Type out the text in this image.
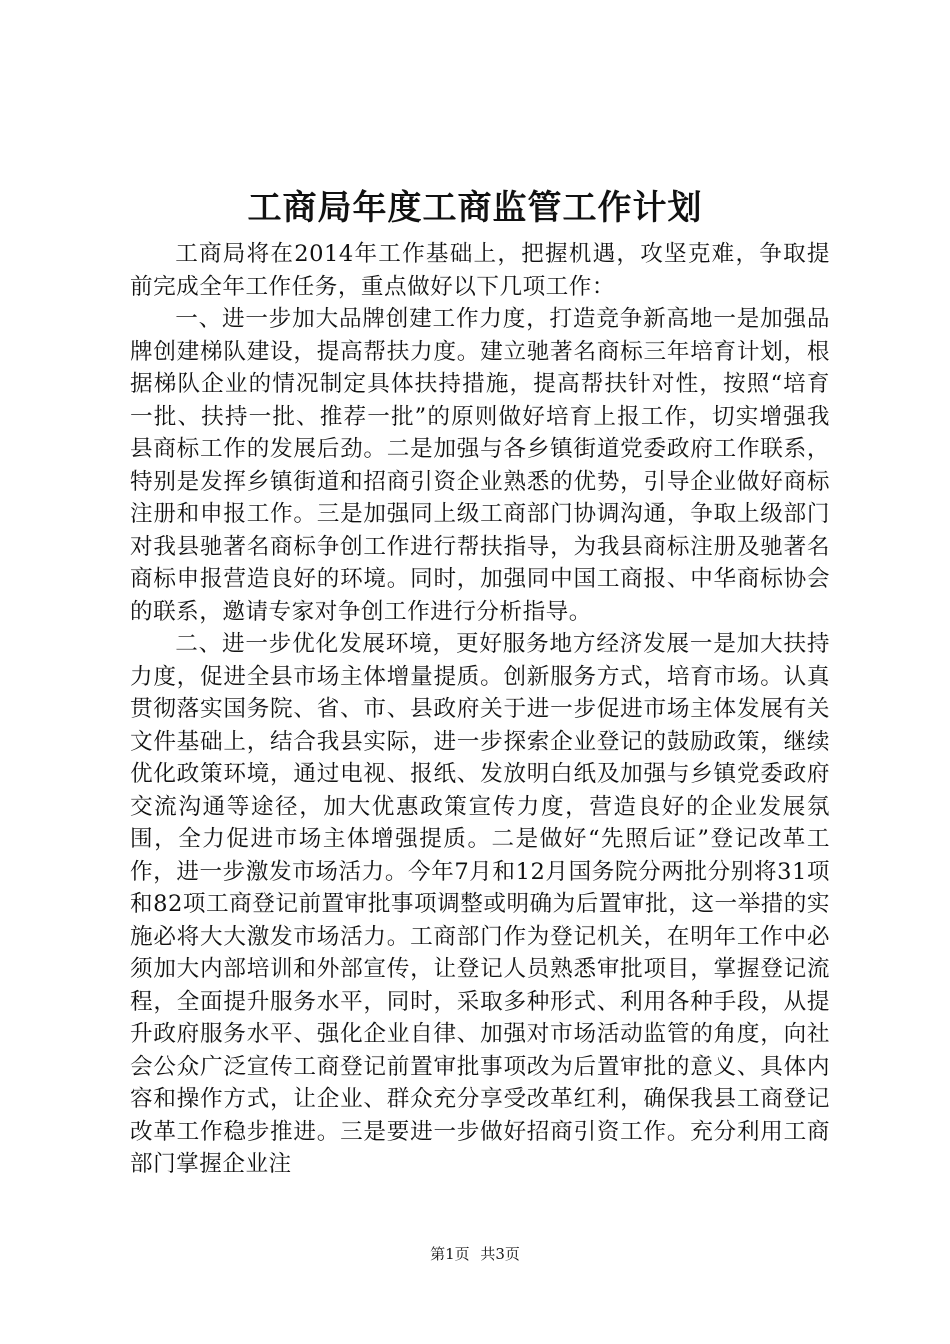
工商局年度工商监管工作计划

工商局将在2014年工作基础上，把握机遇，攻坚克难，争取提前完成全年工作任务，重点做好以下几项工作：

一、进一步加大品牌创建工作力度，打造竞争新高地一是加强品牌创建梯队建设，提高帮扶力度。建立驰著名商标三年培育计划，根据梯队企业的情况制定具体扶持措施，提高帮扶针对性，按照“培育一批、扶持一批、推荐一批”的原则做好培育上报工作，切实增强我县商标工作的发展后劲。二是加强与各乡镇街道党委政府工作联系，特别是发挥乡镇街道和招商引资企业熟悉的优势，引导企业做好商标注册和申报工作。三是加强同上级工商部门协调沟通，争取上级部门对我县驰著名商标争创工作进行帮扶指导，为我县商标注册及驰著名商标申报营造良好的环境。同时，加强同中国工商报、中华商标协会的联系，邀请专家对争创工作进行分析指导。

二、进一步优化发展环境，更好服务地方经济发展一是加大扶持力度，促进全县市场主体增量提质。创新服务方式，培育市场。认真贯彻落实国务院、省、市、县政府关于进一步促进市场主体发展有关文件基础上，结合我县实际，进一步探索企业登记的鼓励政策，继续优化政策环境，通过电视、报纸、发放明白纸及加强与乡镇党委政府交流沟通等途径，加大优惠政策宣传力度，营造良好的企业发展氛围，全力促进市场主体增强提质。二是做好“先照后证”登记改革工作，进一步激发市场活力。今年7月和12月国务院分两批分别将31项和82项工商登记前置审批事项调整或明确为后置审批，这一举措的实施必将大大激发市场活力。工商部门作为登记机关，在明年工作中必须加大内部培训和外部宣传，让登记人员熟悉审批项目，掌握登记流程，全面提升服务水平，同时，采取多种形式、利用各种手段，从提升政府服务水平、强化企业自律、加强对市场活动监管的角度，向社会公众广泛宣传工商登记前置审批事项改为后置审批的意义、具体内容和操作方式，让企业、群众充分享受改革红利，确保我县工商登记改革工作稳步推进。三是要进一步做好招商引资工作。充分利用工商部门掌握企业注

第1页 共3页
